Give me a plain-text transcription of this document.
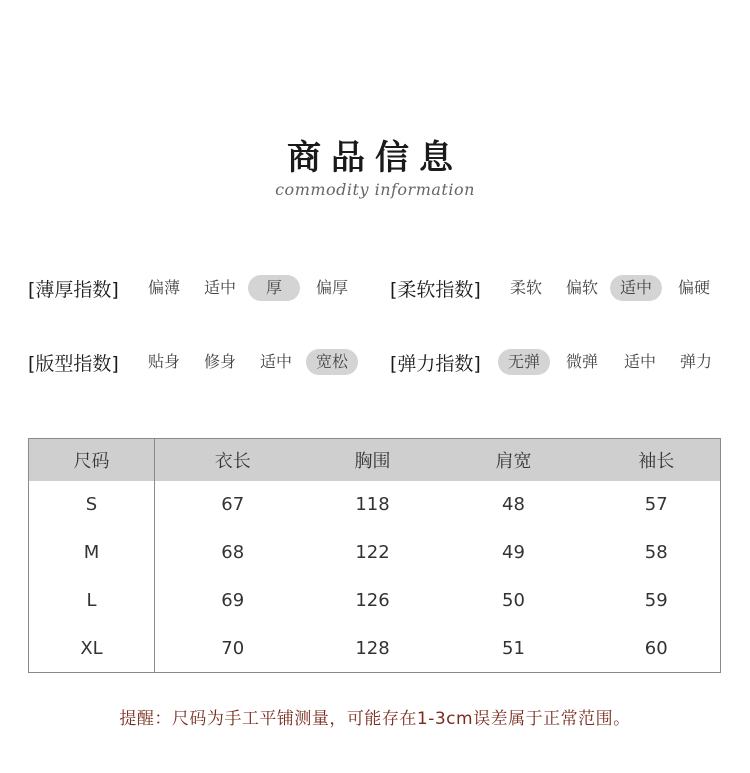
商品信息
commodity information
[薄厚指数]	偏薄 适中	厚	偏厚 [柔软指数]	柔软 偏软	适中	偏硬
[版型指数]	贴身 修身 适中	宽松	[弹力指数]	无弹	微弹 适中 弹力
尺码	衣长	胸围	肩宽	袖长
S	67	118	48	57
M	68	122	49	58
L	69	126	50	59
XL	70	128	51	60
提醒：尺码为手工平铺测量，可能存在1-3cm误差属于正常范围。
